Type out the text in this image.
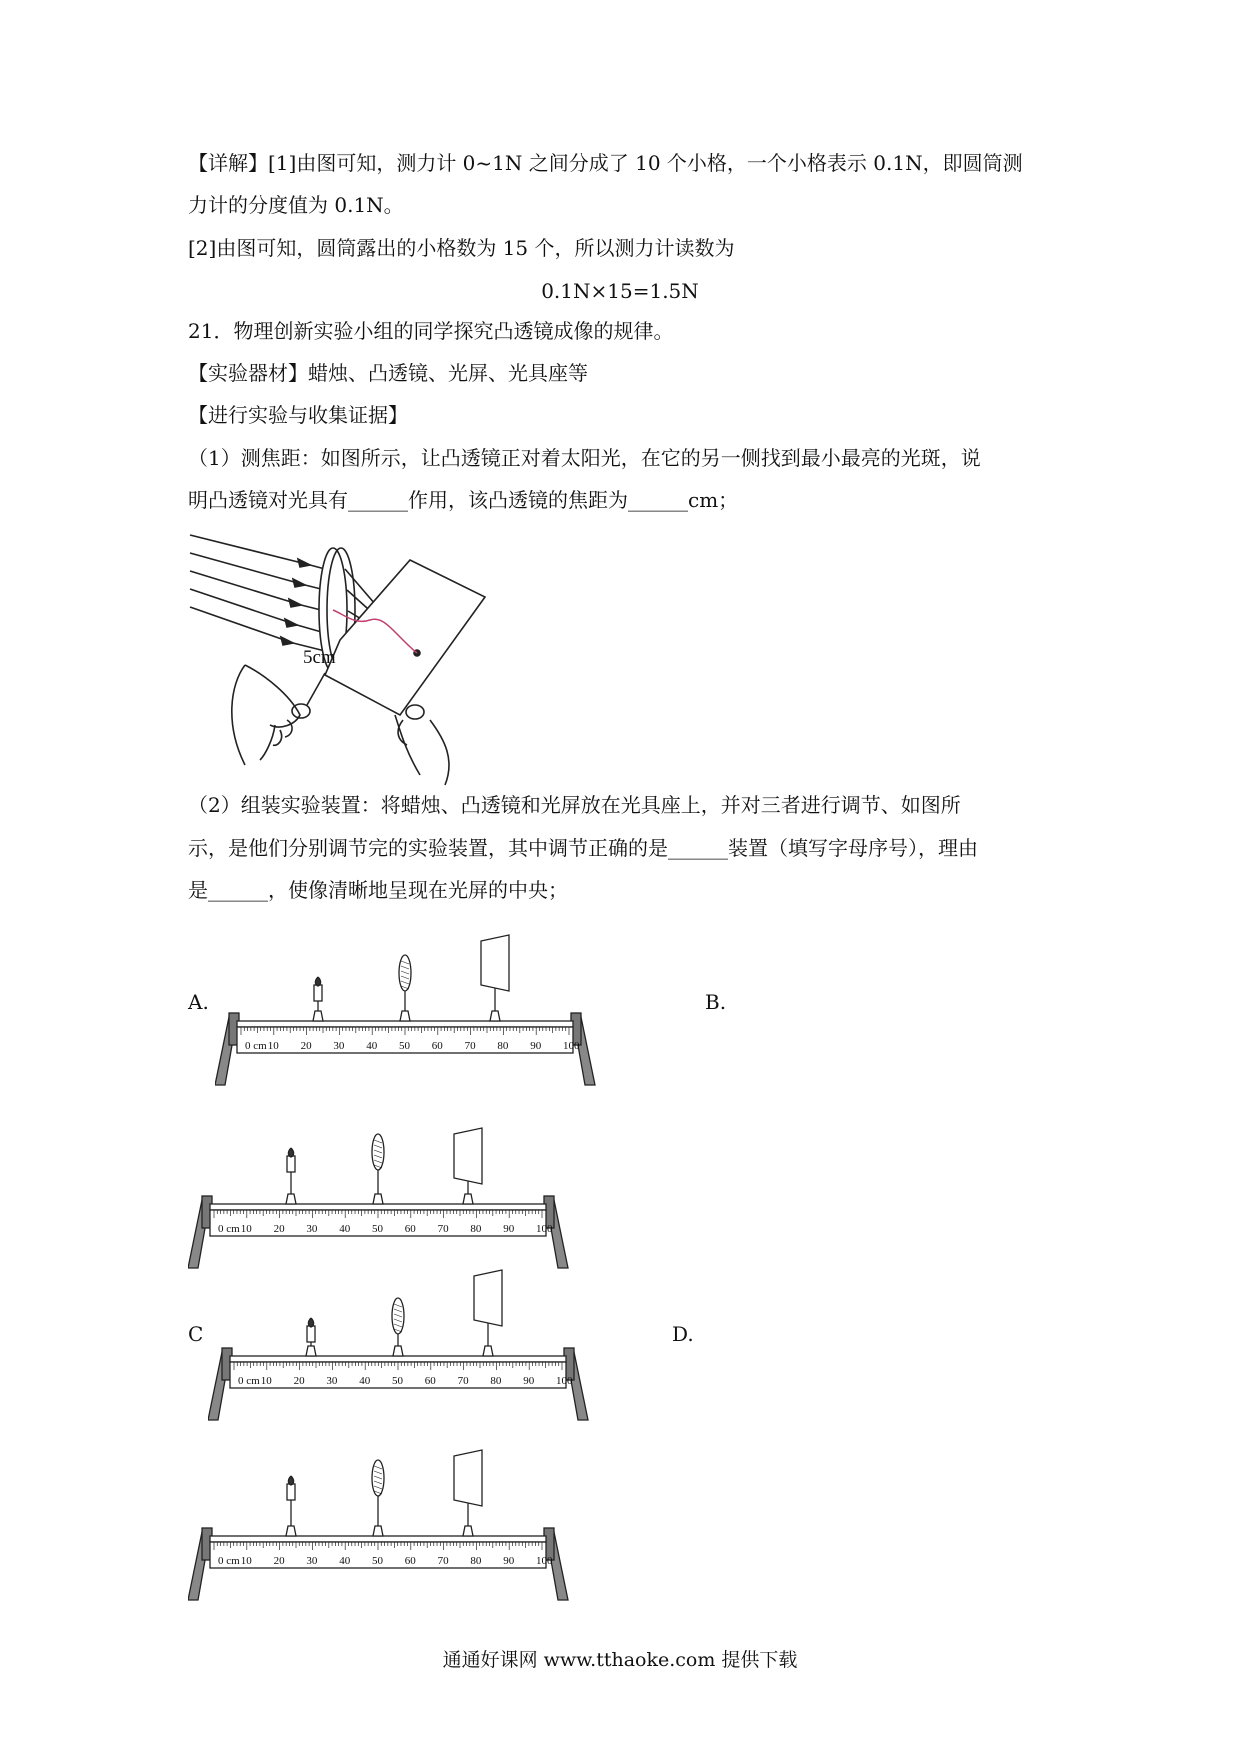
【详解】[1]由图可知，测力计 0~1N 之间分成了 10 个小格，一个小格表示 0.1N，即圆筒测
力计的分度值为 0.1N。
[2]由图可知，圆筒露出的小格数为 15 个，所以测力计读数为
0.1N×15=1.5N
21．物理创新实验小组的同学探究凸透镜成像的规律。
【实验器材】蜡烛、凸透镜、光屏、光具座等
【进行实验与收集证据】
（1）测焦距：如图所示，让凸透镜正对着太阳光，在它的另一侧找到最小最亮的光斑，说
明凸透镜对光具有______作用，该凸透镜的焦距为______cm；
5cm
（2）组装实验装置：将蜡烛、凸透镜和光屏放在光具座上，并对三者进行调节、如图所
示，是他们分别调节完的实验装置，其中调节正确的是______装置（填写字母序号），理由
是______，使像清晰地呈现在光屏的中央；
A.	B.
C	D.
0 cm 10 20 30 40 50 60 70 80 90 100
0 cm 10 20 30 40 50 60 70 80 90 100
0 cm 10 20 30 40 50 60 70 80 90 100
0 cm 10 20 30 40 50 60 70 80 90 100
通通好课网 www.tthaoke.com 提供下载
